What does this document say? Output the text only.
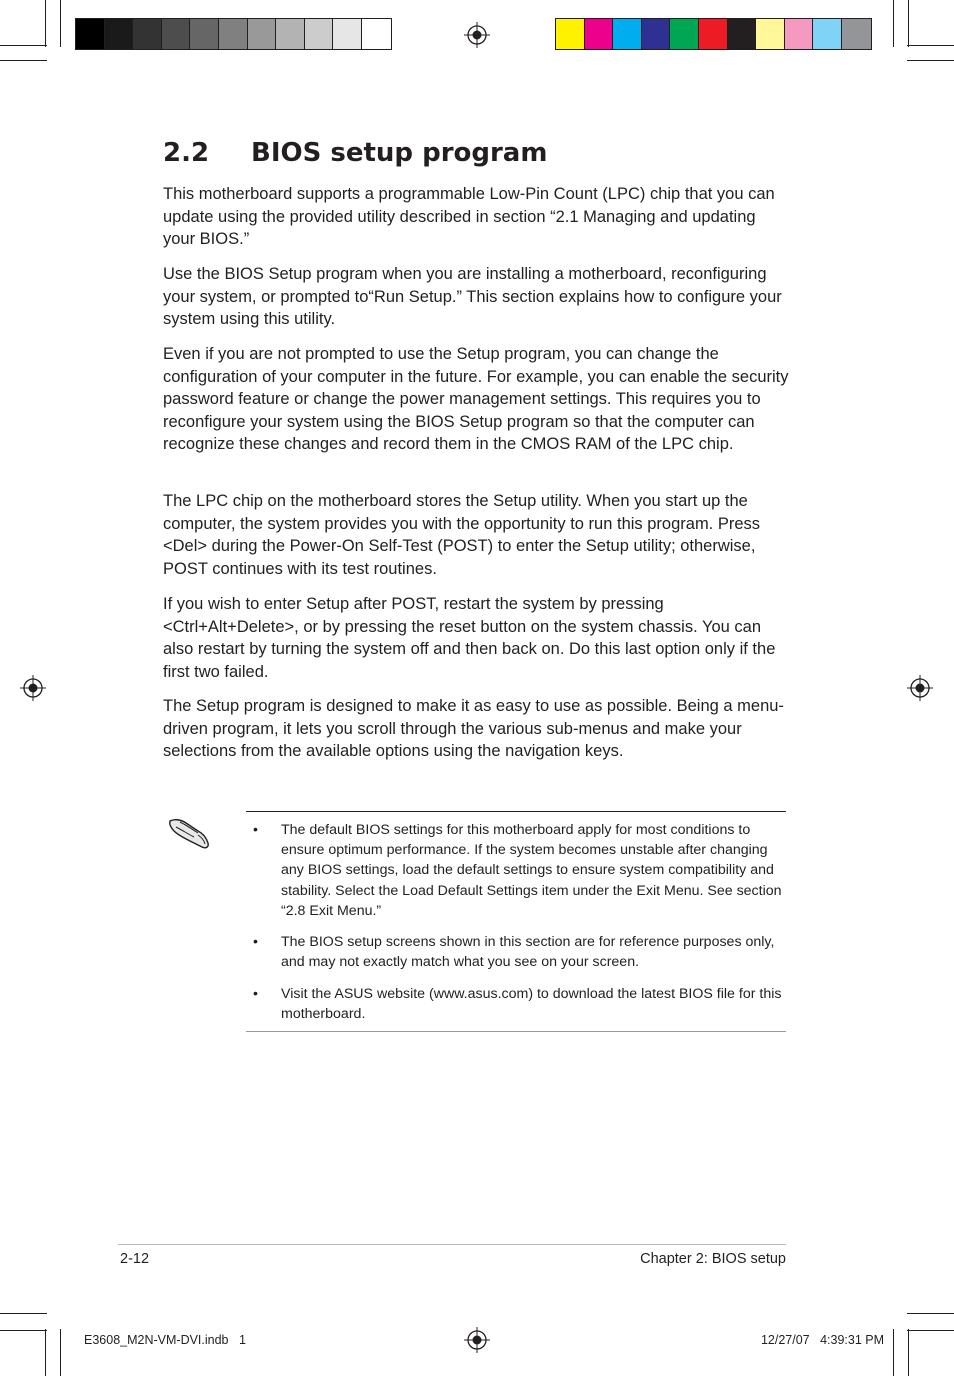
2.2 BIOS setup program

This motherboard supports a programmable Low-Pin Count (LPC) chip that you can update using the provided utility described in section “2.1 Managing and updating your BIOS.”

Use the BIOS Setup program when you are installing a motherboard, reconfiguring your system, or prompted to“Run Setup.” This section explains how to configure your system using this utility.

Even if you are not prompted to use the Setup program, you can change the configuration of your computer in the future. For example, you can enable the security password feature or change the power management settings. This requires you to reconfigure your system using the BIOS Setup program so that the computer can recognize these changes and record them in the CMOS RAM of the LPC chip.

The LPC chip on the motherboard stores the Setup utility. When you start up the computer, the system provides you with the opportunity to run this program. Press <Del> during the Power-On Self-Test (POST) to enter the Setup utility; otherwise, POST continues with its test routines.

If you wish to enter Setup after POST, restart the system by pressing <Ctrl+Alt+Delete>, or by pressing the reset button on the system chassis. You can also restart by turning the system off and then back on. Do this last option only if the first two failed.

The Setup program is designed to make it as easy to use as possible. Being a menu-driven program, it lets you scroll through the various sub-menus and make your selections from the available options using the navigation keys.

• The default BIOS settings for this motherboard apply for most conditions to ensure optimum performance. If the system becomes unstable after changing any BIOS settings, load the default settings to ensure system compatibility and stability. Select the Load Default Settings item under the Exit Menu. See section “2.8 Exit Menu.”
• The BIOS setup screens shown in this section are for reference purposes only, and may not exactly match what you see on your screen.
• Visit the ASUS website (www.asus.com) to download the latest BIOS file for this motherboard.
2-12	Chapter 2: BIOS setup
E3608_M2N-VM-DVI.indb 1	12/27/07 4:39:31 PM
